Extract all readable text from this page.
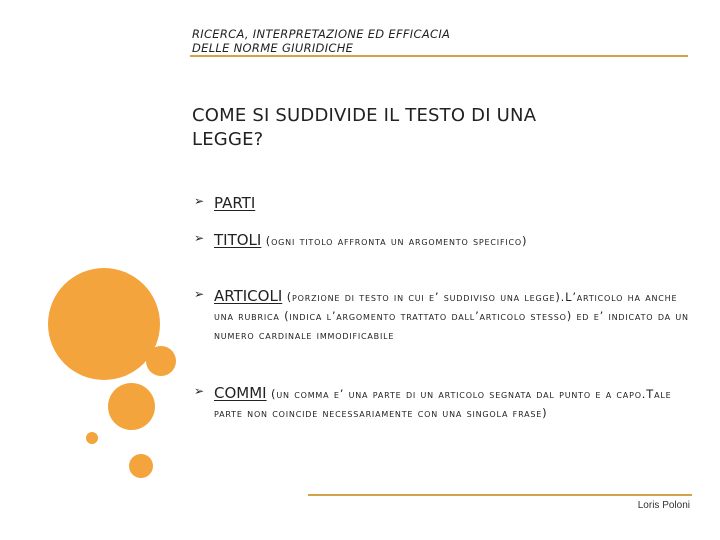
RICERCA, INTERPRETAZIONE ED EFFICACIA
DELLE NORME GIURIDICHE
COME SI SUDDIVIDE IL TESTO DI UNA
LEGGE?
➢ PARTI
➢ TITOLI (ogni titolo affronta un argomento specifico)
➢ ARTICOLI (porzione di testo in cui e’ suddiviso una legge).L’articolo ha anche una rubrica (indica l’argomento trattato dall’articolo stesso) ed e’ indicato da un numero cardinale immodificabile
➢ COMMI (un comma e’ una parte di un articolo segnata dal punto e a capo.Tale parte non coincide necessariamente con una singola frase)
Loris Poloni
